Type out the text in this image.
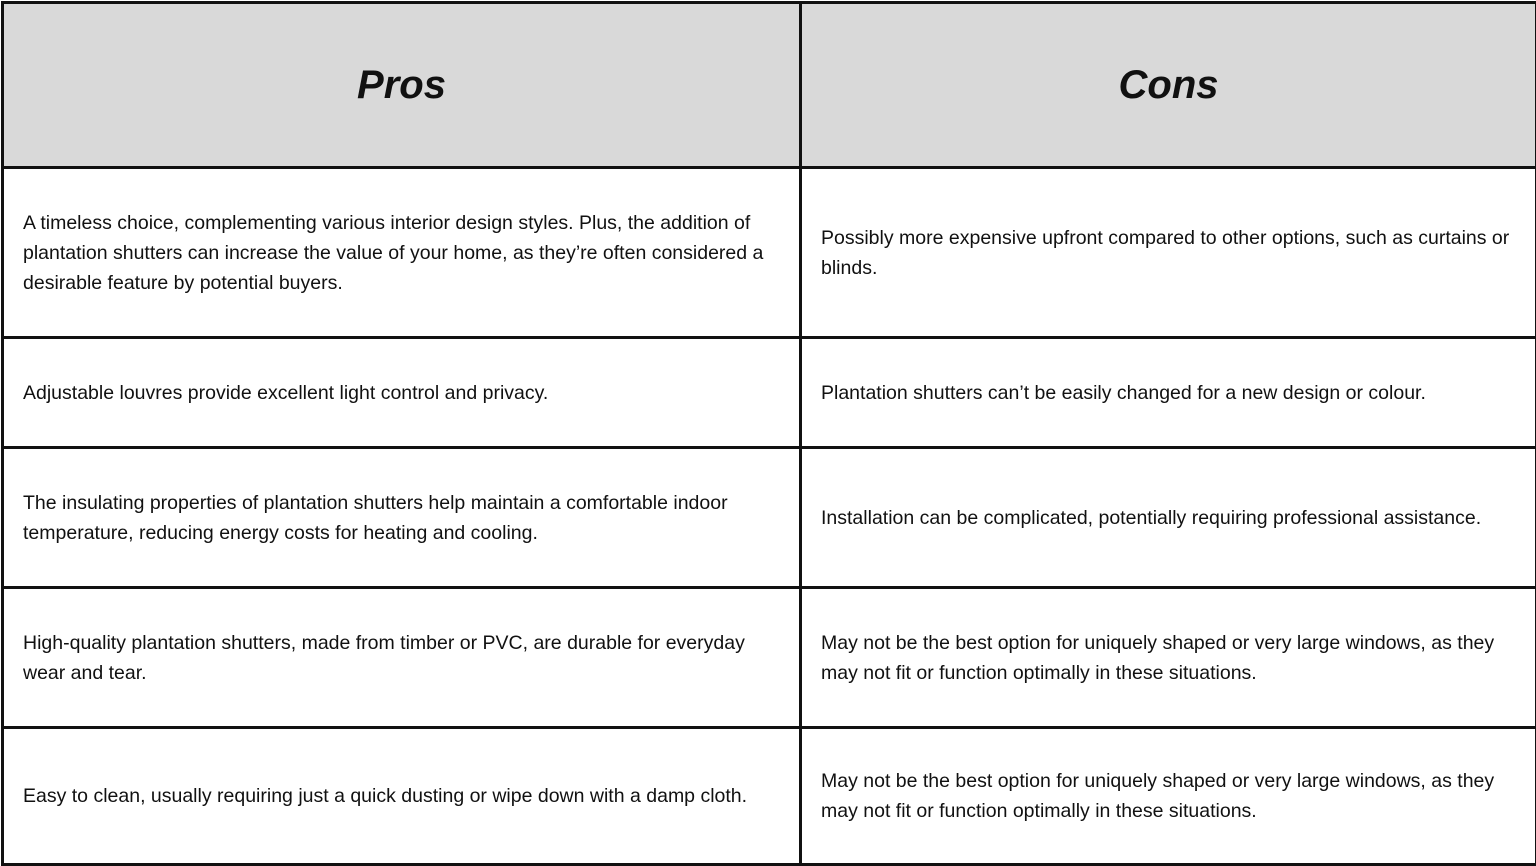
Pros	Cons
A timeless choice, complementing various interior design styles. Plus, the addition of plantation shutters can increase the value of your home, as they’re often considered a desirable feature by potential buyers.	Possibly more expensive upfront compared to other options, such as curtains or blinds.
Adjustable louvres provide excellent light control and privacy.	Plantation shutters can’t be easily changed for a new design or colour.
The insulating properties of plantation shutters help maintain a comfortable indoor temperature, reducing energy costs for heating and cooling.	Installation can be complicated, potentially requiring professional assistance.
High-quality plantation shutters, made from timber or PVC, are durable for everyday wear and tear.	May not be the best option for uniquely shaped or very large windows, as they may not fit or function optimally in these situations.
Easy to clean, usually requiring just a quick dusting or wipe down with a damp cloth.	May not be the best option for uniquely shaped or very large windows, as they may not fit or function optimally in these situations.
